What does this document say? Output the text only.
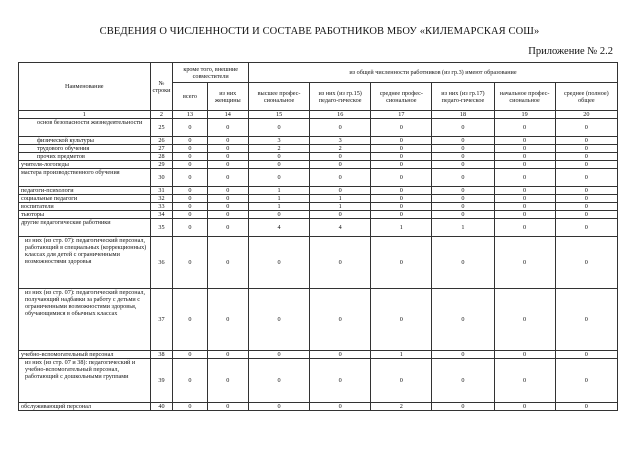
СВЕДЕНИЯ О ЧИСЛЕННОСТИ И СОСТАВЕ РАБОТНИКОВ МБОУ «КИЛЕМАРСКАЯ СОШ»
Приложение № 2.2
Наименование	№ строки	кроме того, внешние совместители		из общей численности работников (из гр.3) имеют образование					
		всего	из них женщины	высшее профес-сиональное	из них (из гр.15) педаго-гическое	среднее профес-сиональное	из них (из гр.17) педаго-гическое	начальное профес-сиональное	среднее (полное) общее
1	2	13	14	15	16	17	18	19	20
основ безопасности жизнедеятельности	25	0	0	0	0	0	0	0	0
физической культуры	26	0	0	3	3	0	0	0	0
трудового обучения	27	0	0	2	2	0	0	0	0
прочих предметов	28	0	0	0	0	0	0	0	0
учителя-логопеды	29	0	0	0	0	0	0	0	0
мастера производственного обучения	30	0	0	0	0	0	0	0	0
педагоги-психологи	31	0	0	1	0	0	0	0	0
социальные педагоги	32	0	0	1	1	0	0	0	0
воспитатели	33	0	0	1	1	0	0	0	0
тьюторы	34	0	0	0	0	0	0	0	0
другие педагогические работники	35	0	0	4	4	1	1	0	0
из них (из стр. 07): педагогический персонал, работающий в специальных (коррекционных) классах для детей с ограниченными возможностями здоровья	36	0	0	0	0	0	0	0	0
из них (из стр. 07): педагогический персонал, получающий надбавки за работу с детьми с ограниченными возможностями здоровья, обучающимися в обычных классах	37	0	0	0	0	0	0	0	0
учебно-вспомогательный персонал	38	0	0	0	0	1	0	0	0
из них (из стр. 07 и 38): педагогический и учебно-вспомогательный персонал, работающий с дошкольными группами	39	0	0	0	0	0	0	0	0
обслуживающий персонал	40	0	0	0	0	2	0	0	0
